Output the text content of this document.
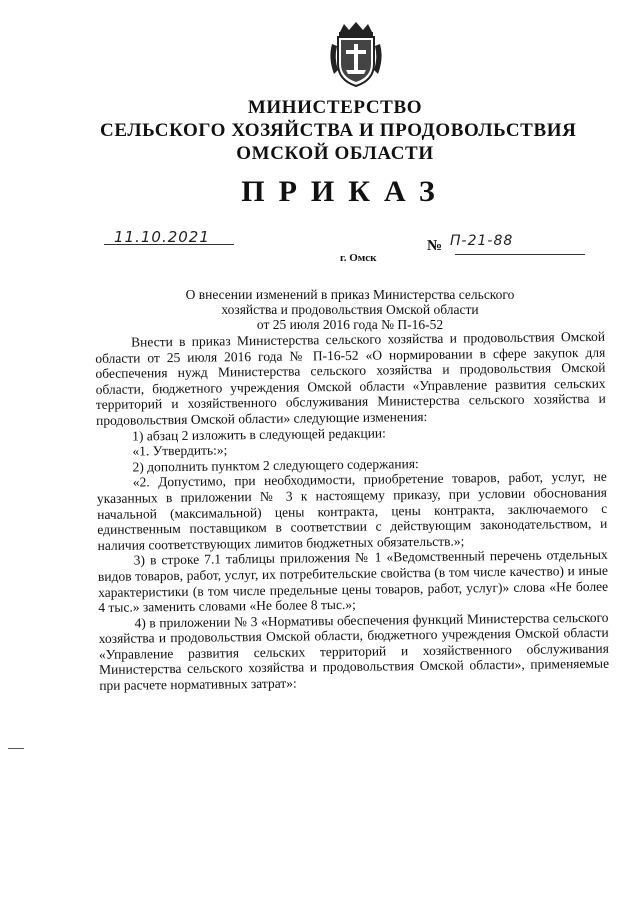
МИНИСТЕРСТВО
СЕЛЬСКОГО ХОЗЯЙСТВА И ПРОДОВОЛЬСТВИЯ
ОМСКОЙ ОБЛАСТИ
ПРИКАЗ
11.10.2021	№ П-21-88
г. Омск
О внесении изменений в приказ Министерства сельского
хозяйства и продовольствия Омской области
от 25 июля 2016 года № П-16-52

Внести в приказ Министерства сельского хозяйства и продовольствия Омской области от 25 июля 2016 года № П-16-52 «О нормировании в сфере закупок для обеспечения нужд Министерства сельского хозяйства и продовольствия Омской области, бюджетного учреждения Омской области «Управление развития сельских территорий и хозяйственного обслуживания Министерства сельского хозяйства и продовольствия Омской области» следующие изменения:

1) абзац 2 изложить в следующей редакции:

«1. Утвердить:»;

2) дополнить пунктом 2 следующего содержания:

«2. Допустимо, при необходимости, приобретение товаров, работ, услуг, не указанных в приложении № 3 к настоящему приказу, при условии обоснования начальной (максимальной) цены контракта, цены контракта, заключаемого с единственным поставщиком в соответствии с действующим законодательством, и наличия соответствующих лимитов бюджетных обязательств.»;

3) в строке 7.1 таблицы приложения № 1 «Ведомственный перечень отдельных видов товаров, работ, услуг, их потребительские свойства (в том числе качество) и иные характеристики (в том числе предельные цены товаров, работ, услуг)» слова «Не более 4 тыс.» заменить словами «Не более 8 тыс.»;

4) в приложении № 3 «Нормативы обеспечения функций Министерства сельского хозяйства и продовольствия Омской области, бюджетного учреждения Омской области «Управление развития сельских территорий и хозяйственного обслуживания Министерства сельского хозяйства и продовольствия Омской области», применяемые при расчете нормативных затрат»:
